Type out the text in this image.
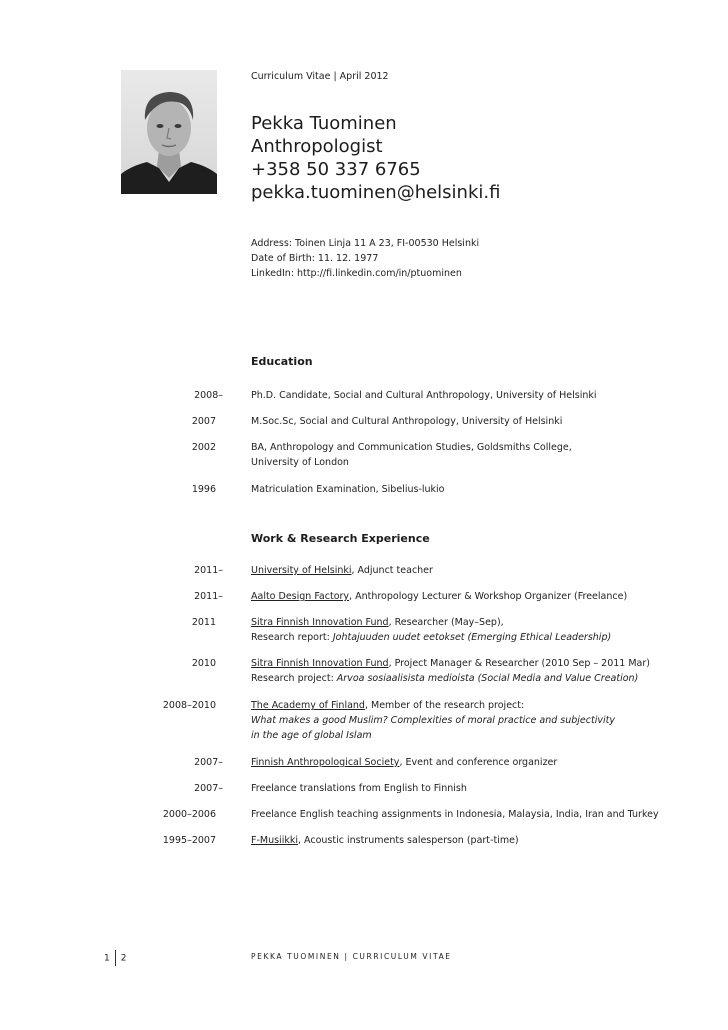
Curriculum Vitae | April 2012
Pekka Tuominen
Anthropologist
+358 50 337 6765
pekka.tuominen@helsinki.fi
Address: Toinen Linja 11 A 23, FI-00530 Helsinki
Date of Birth: 11. 12. 1977
LinkedIn: http://fi.linkedin.com/in/ptuominen
Education
2008–	Ph.D. Candidate, Social and Cultural Anthropology, University of Helsinki
2007	M.Soc.Sc, Social and Cultural Anthropology, University of Helsinki
2002	BA, Anthropology and Communication Studies, Goldsmiths College,
University of London
1996	Matriculation Examination, Sibelius-lukio
Work & Research Experience
2011–	University of Helsinki, Adjunct teacher
2011–	Aalto Design Factory, Anthropology Lecturer & Workshop Organizer (Freelance)
2011	Sitra Finnish Innovation Fund, Researcher (May–Sep),
Research report: Johtajuuden uudet eetokset (Emerging Ethical Leadership)
2010	Sitra Finnish Innovation Fund, Project Manager & Researcher (2010 Sep – 2011 Mar)
Research project: Arvoa sosiaalisista medioista (Social Media and Value Creation)
2008–2010	The Academy of Finland, Member of the research project:
What makes a good Muslim? Complexities of moral practice and subjectivity
in the age of global Islam
2007–	Finnish Anthropological Society, Event and conference organizer
2007–	Freelance translations from English to Finnish
2000–2006	Freelance English teaching assignments in Indonesia, Malaysia, India, Iran and Turkey
1995–2007	F-Musiikki, Acoustic instruments salesperson (part-time)
1 2	PEKKA TUOMINEN | CURRICULUM VITAE
